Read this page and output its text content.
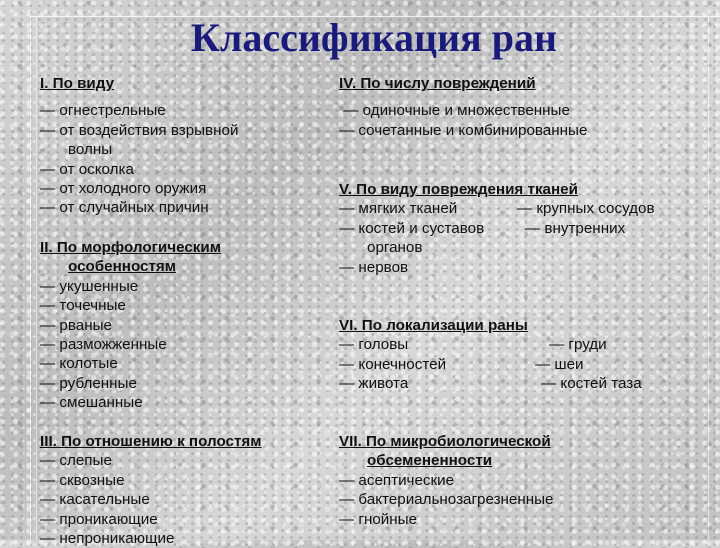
Классификация ран
I. По виду
— огнестрельные
— от воздействия взрывной
волны
— от осколка
— от холодного оружия
— от случайных причин
II. По морфологическим
особенностям
— укушенные
— точечные
— рваные
— разможженные
— колотые
— рубленные
— смешанные
III. По отношению к полостям
— слепые
— сквозные
— касательные
— проникающие
— непроникающие
IV. По числу повреждений
— одиночные и множественные
— сочетанные и комбинированные
V. По виду повреждения тканей
— мягких тканей	— крупных сосудов
— костей и суставов	— внутренних
органов
— нервов
VI. По локализации раны
— головы	— груди
— конечностей	— шеи
— живота	— костей таза
VII. По микробиологической
обсемененности
— асептические
— бактериальнозагрезненные
— гнойные
